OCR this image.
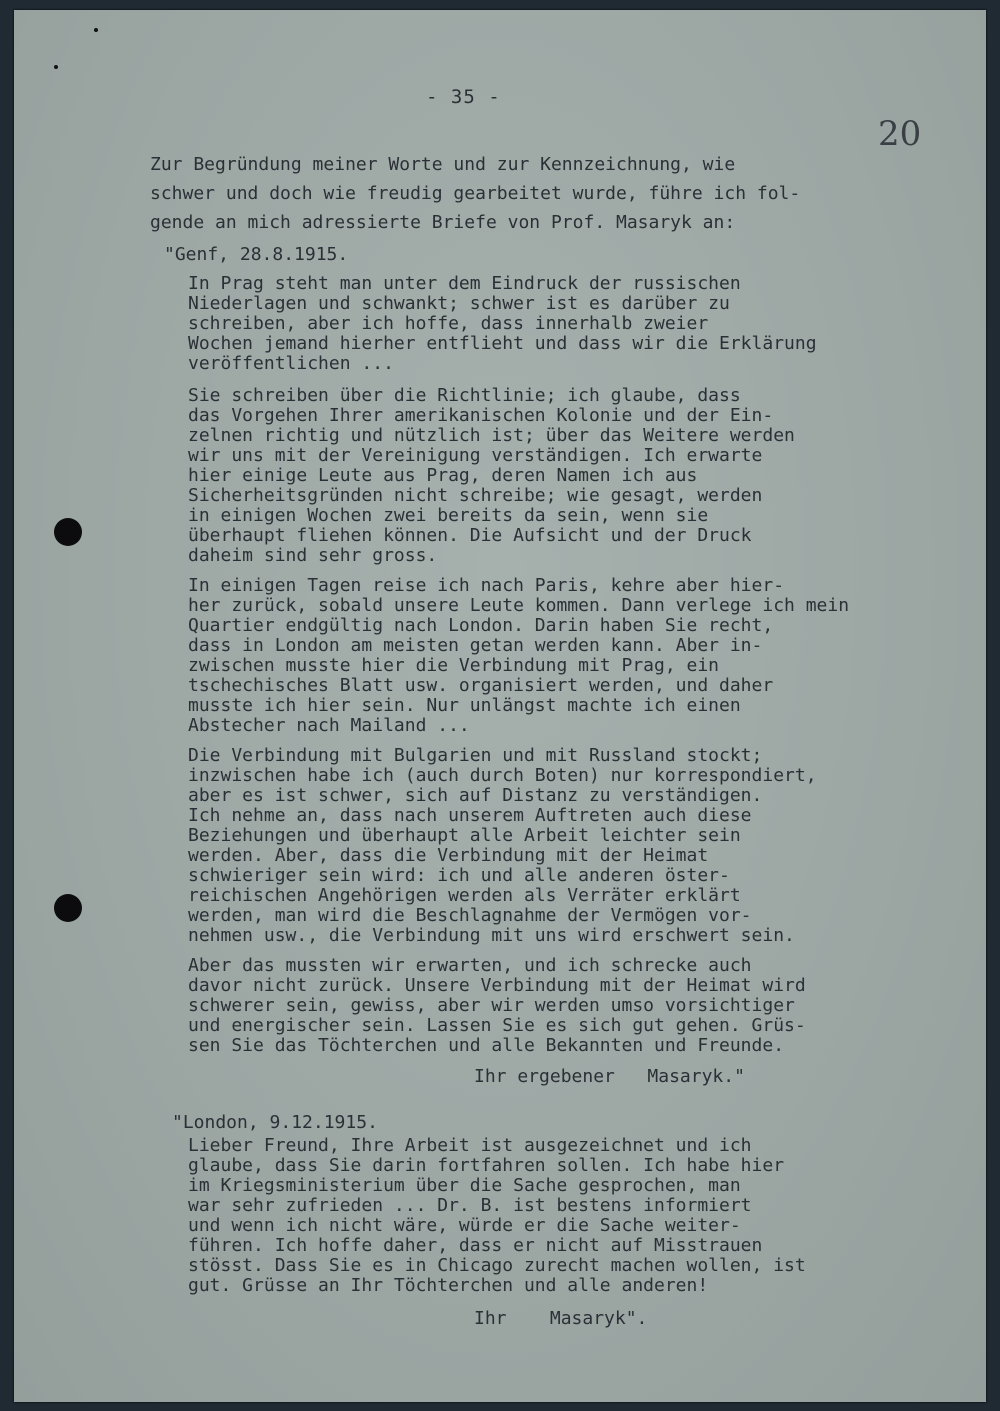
- 35 -
20
Zur Begründung meiner Worte und zur Kennzeichnung, wie
schwer und doch wie freudig gearbeitet wurde, führe ich fol-
gende an mich adressierte Briefe von Prof. Masaryk an:
"Genf, 28.8.1915.
In Prag steht man unter dem Eindruck der russischen
Niederlagen und schwankt; schwer ist es darüber zu
schreiben, aber ich hoffe, dass innerhalb zweier
Wochen jemand hierher entflieht und dass wir die Erklärung
veröffentlichen ...
Sie schreiben über die Richtlinie; ich glaube, dass
das Vorgehen Ihrer amerikanischen Kolonie und der Ein-
zelnen richtig und nützlich ist; über das Weitere werden
wir uns mit der Vereinigung verständigen. Ich erwarte
hier einige Leute aus Prag, deren Namen ich aus
Sicherheitsgründen nicht schreibe; wie gesagt, werden
in einigen Wochen zwei bereits da sein, wenn sie
überhaupt fliehen können. Die Aufsicht und der Druck
daheim sind sehr gross.
In einigen Tagen reise ich nach Paris, kehre aber hier-
her zurück, sobald unsere Leute kommen. Dann verlege ich mein
Quartier endgültig nach London. Darin haben Sie recht,
dass in London am meisten getan werden kann. Aber in-
zwischen musste hier die Verbindung mit Prag, ein
tschechisches Blatt usw. organisiert werden, und daher
musste ich hier sein. Nur unlängst machte ich einen
Abstecher nach Mailand ...
Die Verbindung mit Bulgarien und mit Russland stockt;
inzwischen habe ich (auch durch Boten) nur korrespondiert,
aber es ist schwer, sich auf Distanz zu verständigen.
Ich nehme an, dass nach unserem Auftreten auch diese
Beziehungen und überhaupt alle Arbeit leichter sein
werden. Aber, dass die Verbindung mit der Heimat
schwieriger sein wird: ich und alle anderen öster-
reichischen Angehörigen werden als Verräter erklärt
werden, man wird die Beschlagnahme der Vermögen vor-
nehmen usw., die Verbindung mit uns wird erschwert sein.
Aber das mussten wir erwarten, und ich schrecke auch
davor nicht zurück. Unsere Verbindung mit der Heimat wird
schwerer sein, gewiss, aber wir werden umso vorsichtiger
und energischer sein. Lassen Sie es sich gut gehen. Grüs-
sen Sie das Töchterchen und alle Bekannten und Freunde.
Ihr ergebener   Masaryk."
"London, 9.12.1915.
Lieber Freund, Ihre Arbeit ist ausgezeichnet und ich
glaube, dass Sie darin fortfahren sollen. Ich habe hier
im Kriegsministerium über die Sache gesprochen, man
war sehr zufrieden ... Dr. B. ist bestens informiert
und wenn ich nicht wäre, würde er die Sache weiter-
führen. Ich hoffe daher, dass er nicht auf Misstrauen
stösst. Dass Sie es in Chicago zurecht machen wollen, ist
gut. Grüsse an Ihr Töchterchen und alle anderen!
Ihr    Masaryk".
